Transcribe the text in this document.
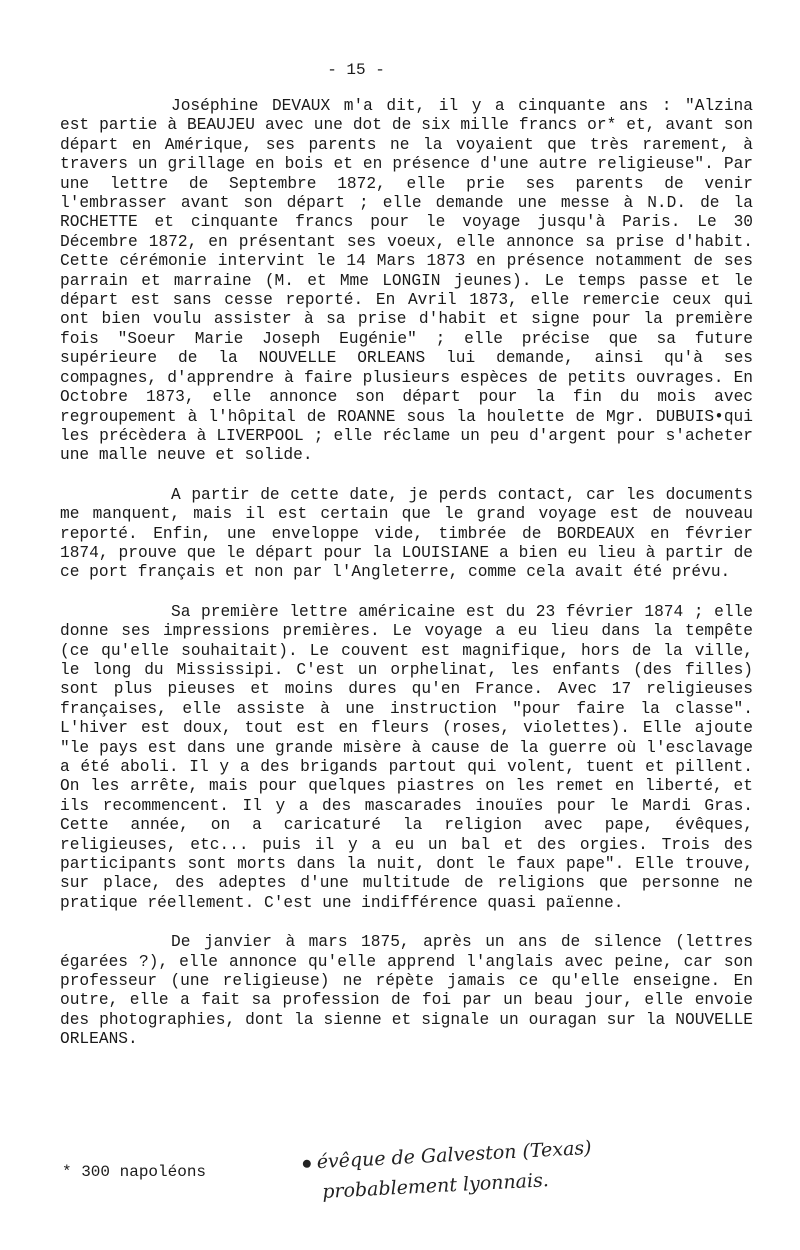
- 15 -

Joséphine DEVAUX m'a dit, il y a cinquante ans : "Alzina est partie à BEAUJEU avec une dot de six mille francs or* et, avant son départ en Amérique, ses parents ne la voyaient que très rarement, à travers un grillage en bois et en présence d'une autre religieuse". Par une lettre de Septembre 1872, elle prie ses parents de venir l'embrasser avant son départ ; elle demande une messe à N.D. de la ROCHETTE et cinquante francs pour le voyage jusqu'à Paris. Le 30 Décembre 1872, en présentant ses voeux, elle annonce sa prise d'habit. Cette cérémonie intervint le 14 Mars 1873 en présence notamment de ses parrain et marraine (M. et Mme LONGIN jeunes). Le temps passe et le départ est sans cesse reporté. En Avril 1873, elle remercie ceux qui ont bien voulu assister à sa prise d'habit et signe pour la première fois "Soeur Marie Joseph Eugénie" ; elle précise que sa future supérieure de la NOUVELLE ORLEANS lui demande, ainsi qu'à ses compagnes, d'apprendre à faire plusieurs espèces de petits ouvrages. En Octobre 1873, elle annonce son départ pour la fin du mois avec regroupement à l'hôpital de ROANNE sous la houlette de Mgr. DUBUIS•qui les précèdera à LIVERPOOL ; elle réclame un peu d'argent pour s'acheter une malle neuve et solide.

A partir de cette date, je perds contact, car les documents me manquent, mais il est certain que le grand voyage est de nouveau reporté. Enfin, une enveloppe vide, timbrée de BORDEAUX en février 1874, prouve que le départ pour la LOUISIANE a bien eu lieu à partir de ce port français et non par l'Angleterre, comme cela avait été prévu.

Sa première lettre américaine est du 23 février 1874 ; elle donne ses impressions premières. Le voyage a eu lieu dans la tempête (ce qu'elle souhaitait). Le couvent est magnifique, hors de la ville, le long du Mississipi. C'est un orphelinat, les enfants (des filles) sont plus pieuses et moins dures qu'en France. Avec 17 religieuses françaises, elle assiste à une instruction "pour faire la classe". L'hiver est doux, tout est en fleurs (roses, violettes). Elle ajoute "le pays est dans une grande misère à cause de la guerre où l'esclavage a été aboli. Il y a des brigands partout qui volent, tuent et pillent. On les arrête, mais pour quelques piastres on les remet en liberté, et ils recommencent. Il y a des mascarades inouïes pour le Mardi Gras. Cette année, on a caricaturé la religion avec pape, évêques, religieuses, etc... puis il y a eu un bal et des orgies. Trois des participants sont morts dans la nuit, dont le faux pape". Elle trouve, sur place, des adeptes d'une multitude de religions que personne ne pratique réellement. C'est une indifférence quasi païenne.

De janvier à mars 1875, après un ans de silence (lettres égarées ?), elle annonce qu'elle apprend l'anglais avec peine, car son professeur (une religieuse) ne répète jamais ce qu'elle enseigne. En outre, elle a fait sa profession de foi par un beau jour, elle envoie des photographies, dont la sienne et signale un ouragan sur la NOUVELLE ORLEANS.

* 300 napoléons	évêque de Galveston (Texas)
probablement lyonnais.
